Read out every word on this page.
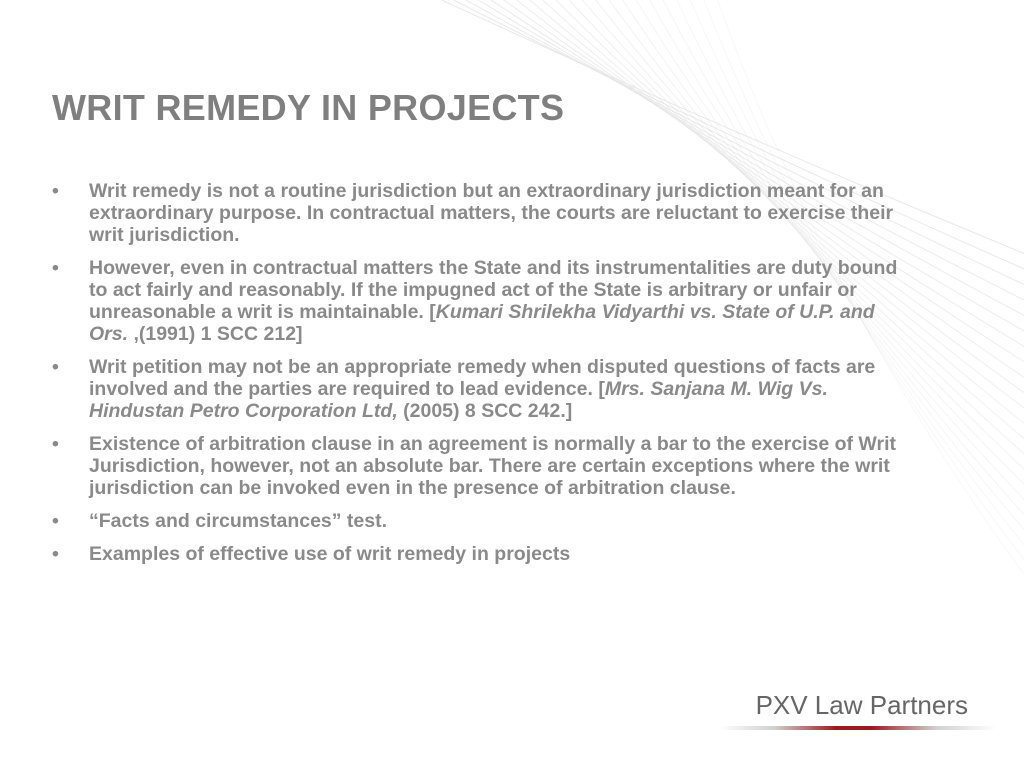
WRIT REMEDY IN PROJECTS
•	Writ remedy is not a routine jurisdiction but an extraordinary jurisdiction meant for an extraordinary purpose. In contractual matters, the courts are reluctant to exercise their writ jurisdiction.
•	However, even in contractual matters the State and its instrumentalities are duty bound to act fairly and reasonably. If the impugned act of the State is arbitrary or unfair or unreasonable a writ is maintainable. [Kumari Shrilekha Vidyarthi vs. State of U.P. and Ors. ,(1991) 1 SCC 212]
•	Writ petition may not be an appropriate remedy when disputed questions of facts are involved and the parties are required to lead evidence. [Mrs. Sanjana M. Wig Vs. Hindustan Petro Corporation Ltd, (2005) 8 SCC 242.]
•	Existence of arbitration clause in an agreement is normally a bar to the exercise of Writ Jurisdiction, however, not an absolute bar. There are certain exceptions where the writ jurisdiction can be invoked even in the presence of arbitration clause.
•	“Facts and circumstances” test.
•	Examples of effective use of writ remedy in projects
PXV Law Partners
